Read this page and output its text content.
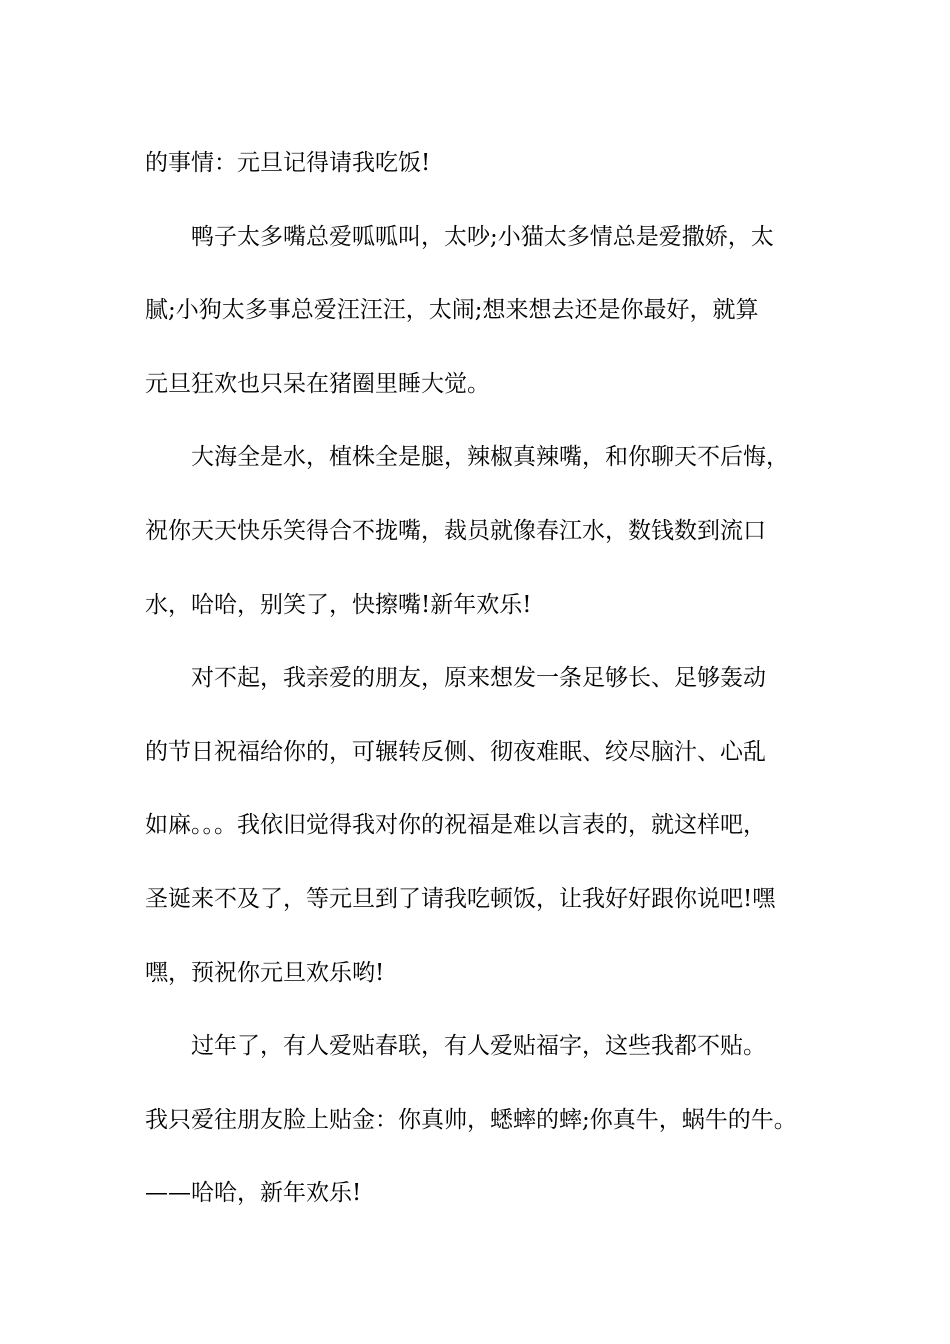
的事情：元旦记得请我吃饭!

鸭子太多嘴总爱呱呱叫，太吵;小猫太多情总是爱撒娇，太
腻;小狗太多事总爱汪汪汪，太闹;想来想去还是你最好，就算
元旦狂欢也只呆在猪圈里睡大觉。

大海全是水，植株全是腿，辣椒真辣嘴，和你聊天不后悔，
祝你天天快乐笑得合不拢嘴，裁员就像春江水，数钱数到流口
水，哈哈，别笑了，快擦嘴!新年欢乐!

对不起，我亲爱的朋友，原来想发一条足够长、足够轰动
的节日祝福给你的，可辗转反侧、彻夜难眠、绞尽脑汁、心乱
如麻。。。我依旧觉得我对你的祝福是难以言表的，就这样吧，
圣诞来不及了，等元旦到了请我吃顿饭，让我好好跟你说吧!嘿
嘿，预祝你元旦欢乐哟!

过年了，有人爱贴春联，有人爱贴福字，这些我都不贴。
我只爱往朋友脸上贴金：你真帅，蟋蟀的蟀;你真牛，蜗牛的牛。
——哈哈，新年欢乐!
